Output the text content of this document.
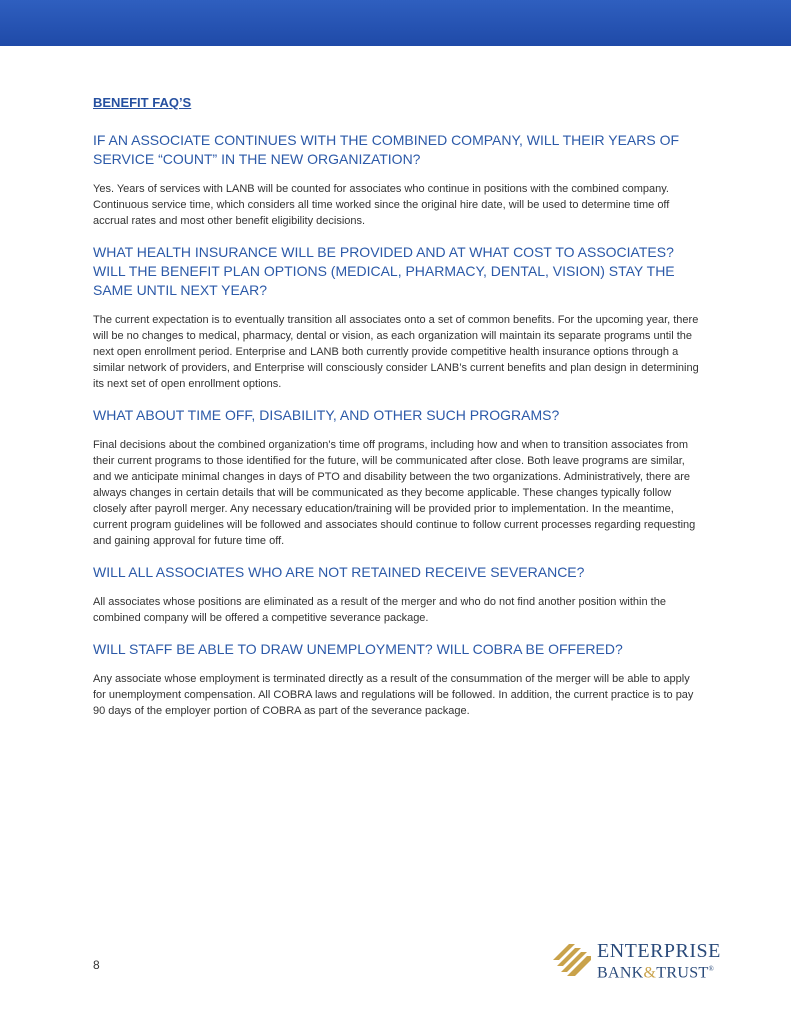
BENEFIT FAQ’S
IF AN ASSOCIATE CONTINUES WITH THE COMBINED COMPANY, WILL THEIR YEARS OF SERVICE “COUNT” IN THE NEW ORGANIZATION?
Yes. Years of services with LANB will be counted for associates who continue in positions with the combined company. Continuous service time, which considers all time worked since the original hire date, will be used to determine time off accrual rates and most other benefit eligibility decisions.
WHAT HEALTH INSURANCE WILL BE PROVIDED AND AT WHAT COST TO ASSOCIATES? WILL THE BENEFIT PLAN OPTIONS (MEDICAL, PHARMACY, DENTAL, VISION) STAY THE SAME UNTIL NEXT YEAR?
The current expectation is to eventually transition all associates onto a set of common benefits. For the upcoming year, there will be no changes to medical, pharmacy, dental or vision, as each organization will maintain its separate programs until the next open enrollment period. Enterprise and LANB both currently provide competitive health insurance options through a similar network of providers, and Enterprise will consciously consider LANB’s current benefits and plan design in determining its next set of open enrollment options.
WHAT ABOUT TIME OFF, DISABILITY, AND OTHER SUCH PROGRAMS?
Final decisions about the combined organization's time off programs, including how and when to transition associates from their current programs to those identified for the future, will be communicated after close. Both leave programs are similar, and we anticipate minimal changes in days of PTO and disability between the two organizations. Administratively, there are always changes in certain details that will be communicated as they become applicable. These changes typically follow closely after payroll merger. Any necessary education/training will be provided prior to implementation. In the meantime, current program guidelines will be followed and associates should continue to follow current processes regarding requesting and gaining approval for future time off.
WILL ALL ASSOCIATES WHO ARE NOT RETAINED RECEIVE SEVERANCE?
All associates whose positions are eliminated as a result of the merger and who do not find another position within the combined company will be offered a competitive severance package.
WILL STAFF BE ABLE TO DRAW UNEMPLOYMENT? WILL COBRA BE OFFERED?
Any associate whose employment is terminated directly as a result of the consummation of the merger will be able to apply for unemployment compensation. All COBRA laws and regulations will be followed. In addition, the current practice is to pay 90 days of the employer portion of COBRA as part of the severance package.
8
ENTERPRISE
BANK&TRUST®
